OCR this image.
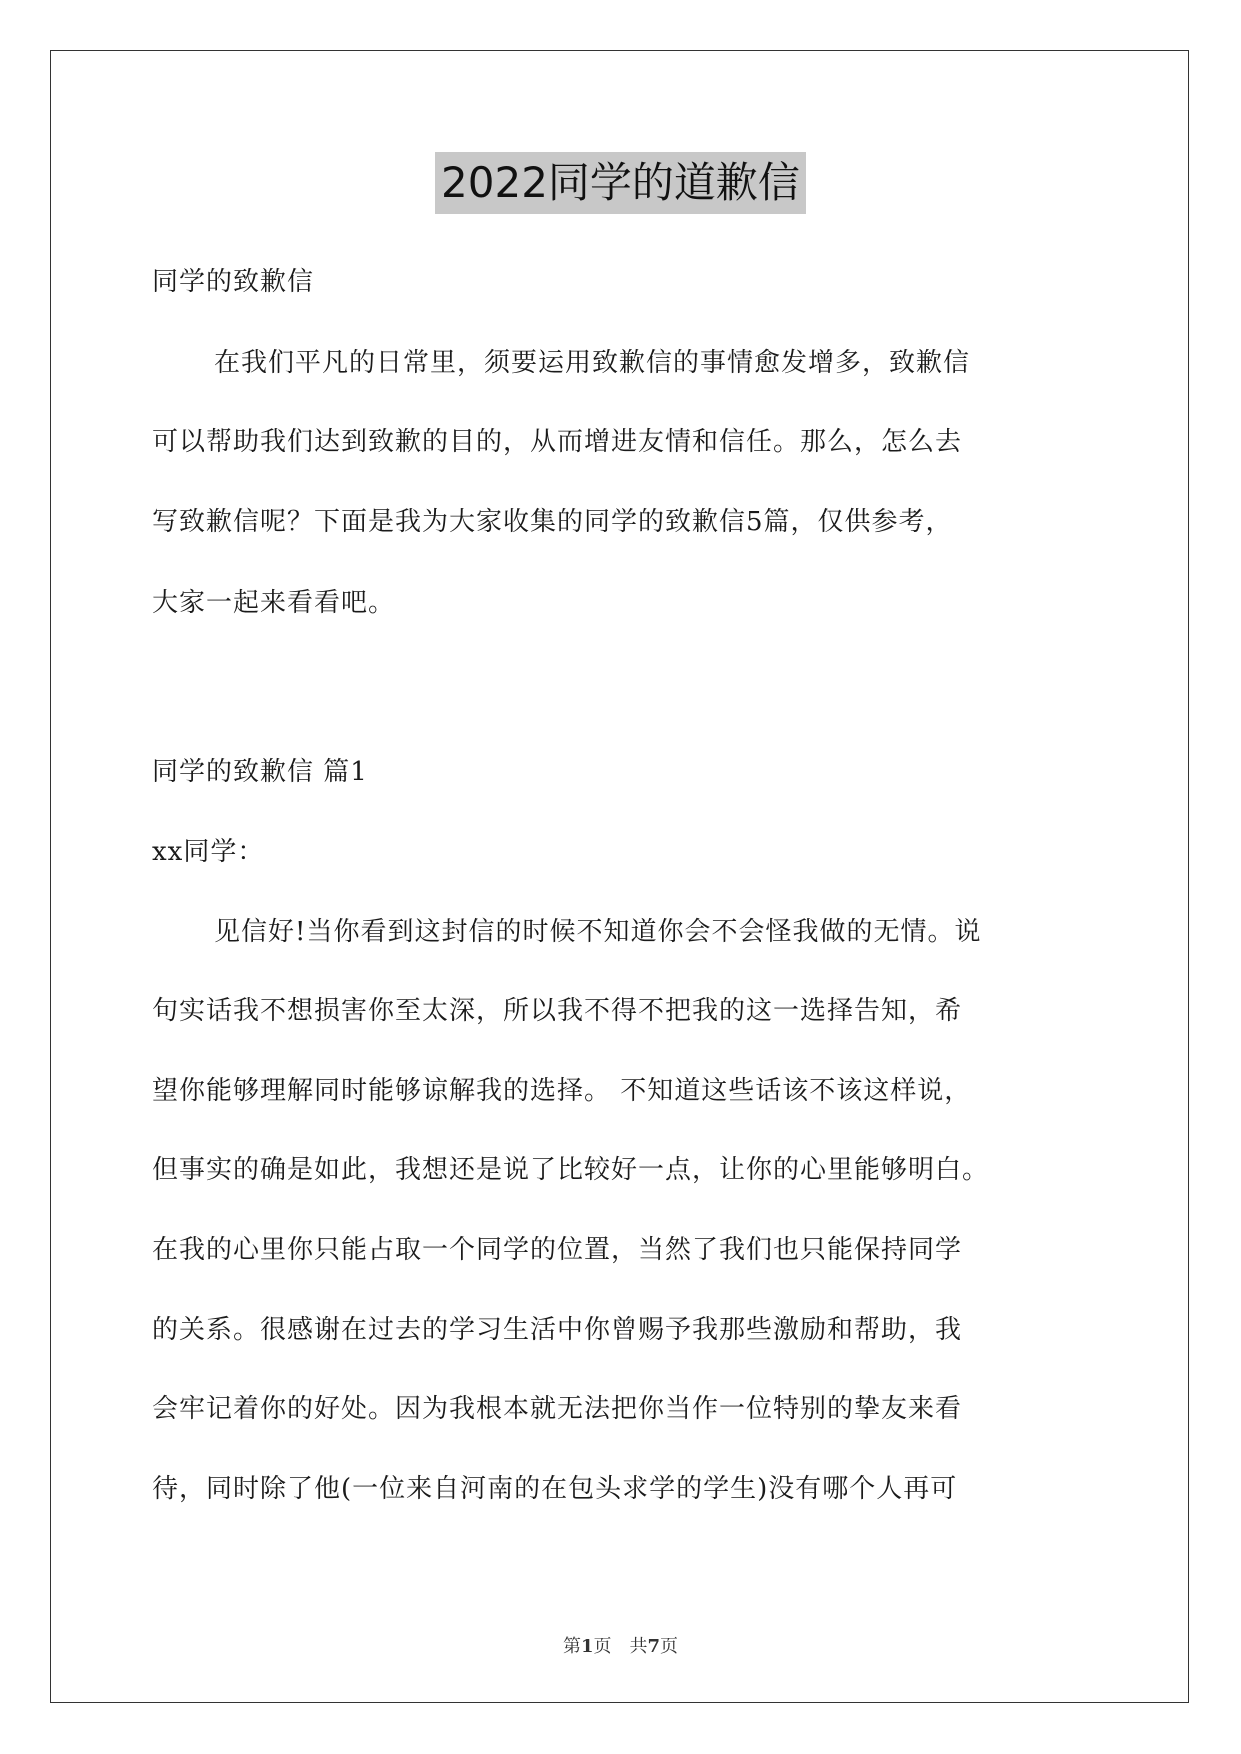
2022同学的道歉信
同学的致歉信
在我们平凡的日常里，须要运用致歉信的事情愈发增多，致歉信
可以帮助我们达到致歉的目的，从而增进友情和信任。那么，怎么去
写致歉信呢？下面是我为大家收集的同学的致歉信5篇，仅供参考，
大家一起来看看吧。
同学的致歉信 篇1
xx同学：
见信好!当你看到这封信的时候不知道你会不会怪我做的无情。说
句实话我不想损害你至太深，所以我不得不把我的这一选择告知，希
望你能够理解同时能够谅解我的选择。 不知道这些话该不该这样说，
但事实的确是如此，我想还是说了比较好一点，让你的心里能够明白。
在我的心里你只能占取一个同学的位置，当然了我们也只能保持同学
的关系。很感谢在过去的学习生活中你曾赐予我那些激励和帮助，我
会牢记着你的好处。因为我根本就无法把你当作一位特别的挚友来看
待，同时除了他(一位来自河南的在包头求学的学生)没有哪个人再可
第1页　共7页
